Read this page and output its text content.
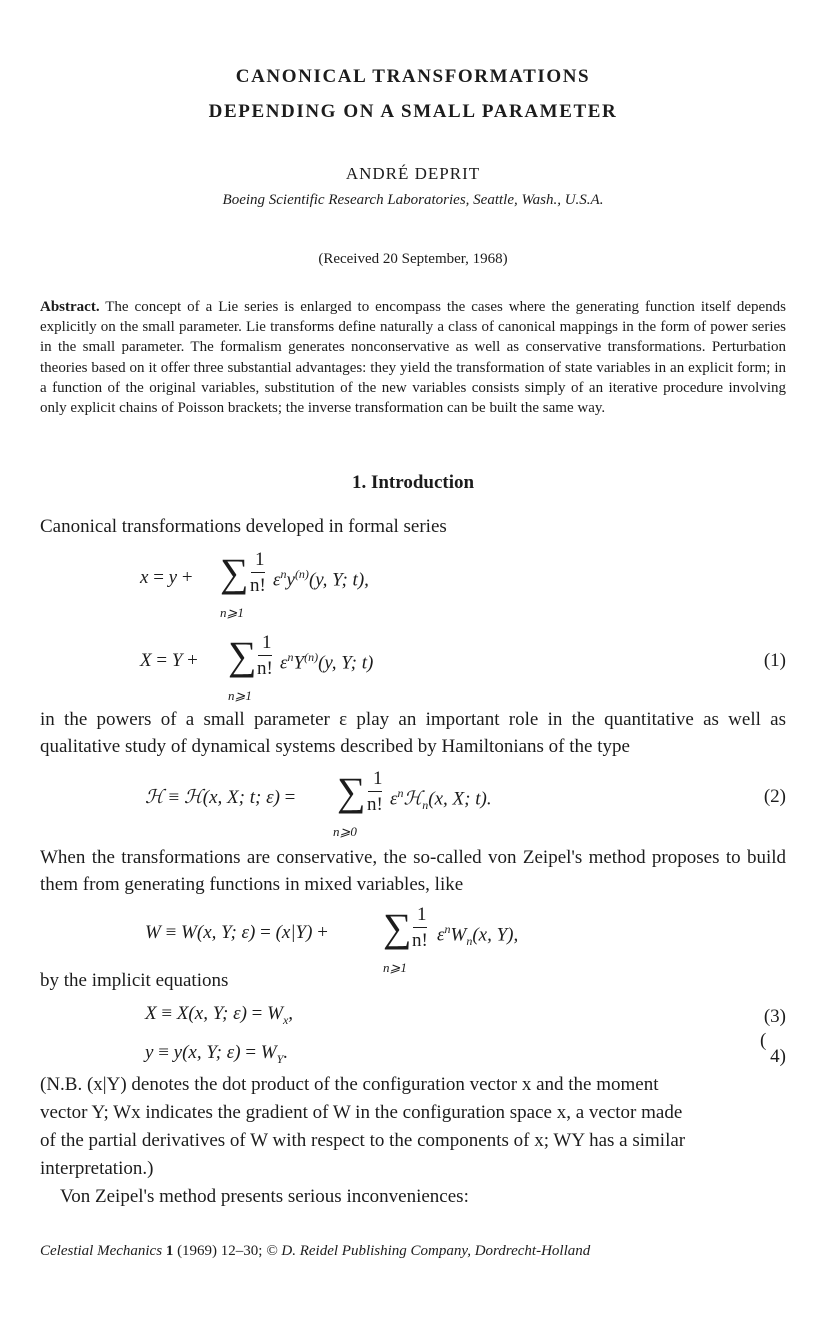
CANONICAL TRANSFORMATIONS
DEPENDING ON A SMALL PARAMETER
ANDRÉ DEPRIT
Boeing Scientific Research Laboratories, Seattle, Wash., U.S.A.
(Received 20 September, 1968)
Abstract. The concept of a Lie series is enlarged to encompass the cases where the generating function itself depends explicitly on the small parameter. Lie transforms define naturally a class of canonical mappings in the form of power series in the small parameter. The formalism generates nonconservative as well as conservative transformations. Perturbation theories based on it offer three substantial advantages: they yield the transformation of state variables in an explicit form; in a function of the original variables, substitution of the new variables consists simply of an iterative procedure involving only explicit chains of Poisson brackets; the inverse transformation can be built the same way.
1. Introduction
Canonical transformations developed in formal series
x = y + ∑
n⩾1
1
n! $\varepsilon^ny^{(n)}(y$, Y; t),
X = Y + ∑
n⩾1
1
n! $\varepsilon^nY^{(n)}(y$, Y; t)	(1)
in the powers of a small parameter ε play an important role in the quantitative as well as qualitative study of dynamical systems described by Hamiltonians of the type
ℋ ≡ ℋ(x, X; t; ε) = ∑
n⩾0
1
n! $\varepsilon^nℋ_n(x$, X; t).	(2)
When the transformations are conservative, the so-called von Zeipel's method proposes to build them from generating functions in mixed variables, like
W ≡ W(x, Y; ε) = (x|Y) + ∑
n⩾1
1
n! $\varepsilon^nW_n(x$, Y),
by the implicit equations
X ≡ X(x, Y; $\varepsilon) = W_x$,	(3)
y ≡ y(x, Y; $\varepsilon) = W_Y$.
(
4)
(N.B. (x|Y) denotes the dot product of the configuration vector x and the moment
vector Y; Wx indicates the gradient of W in the configuration space x, a vector made
of the partial derivatives of W with respect to the components of x; WY has a similar
interpretation.)
Von Zeipel's method presents serious inconveniences:
Celestial Mechanics 1 (1969) 12–30; © D. Reidel Publishing Company, Dordrecht-Holland
